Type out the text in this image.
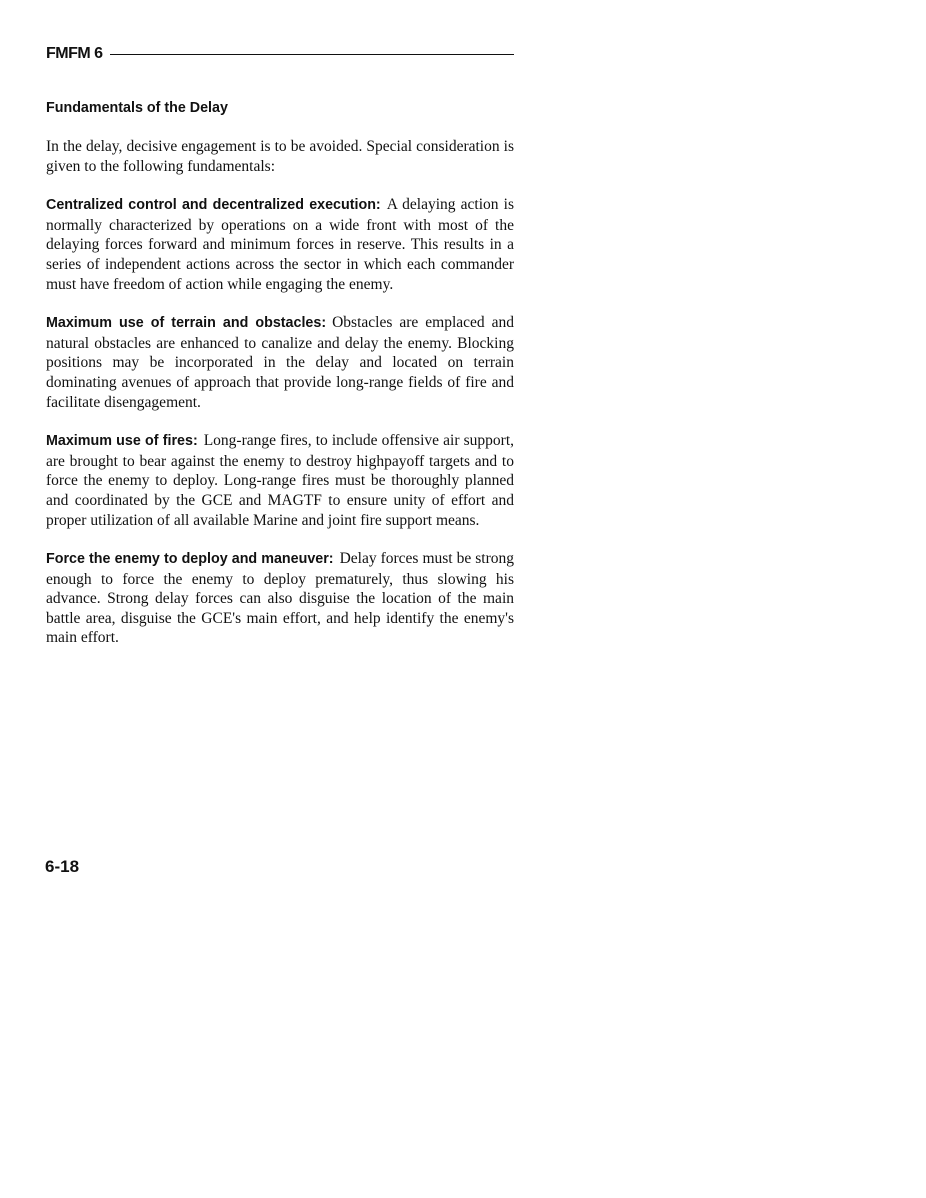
FMFM 6
Fundamentals of the Delay

In the delay, decisive engagement is to be avoided. Special consideration is given to the following fundamentals:

Centralized control and decentralized execution: A delaying action is normally characterized by operations on a wide front with most of the delaying forces forward and minimum forces in reserve. This results in a series of independent actions across the sector in which each commander must have freedom of action while engaging the enemy.

Maximum use of terrain and obstacles: Obstacles are emplaced and natural obstacles are enhanced to canalize and delay the enemy. Blocking positions may be incorporated in the delay and located on terrain dominating avenues of approach that provide long-range fields of fire and facilitate disengagement.

Maximum use of fires: Long-range fires, to include offensive air support, are brought to bear against the enemy to destroy highpayoff targets and to force the enemy to deploy. Long-range fires must be thoroughly planned and coordinated by the GCE and MAGTF to ensure unity of effort and proper utilization of all available Marine and joint fire support means.

Force the enemy to deploy and maneuver: Delay forces must be strong enough to force the enemy to deploy prematurely, thus slowing his advance. Strong delay forces can also disguise the location of the main battle area, disguise the GCE's main effort, and help identify the enemy's main effort.

6-18
